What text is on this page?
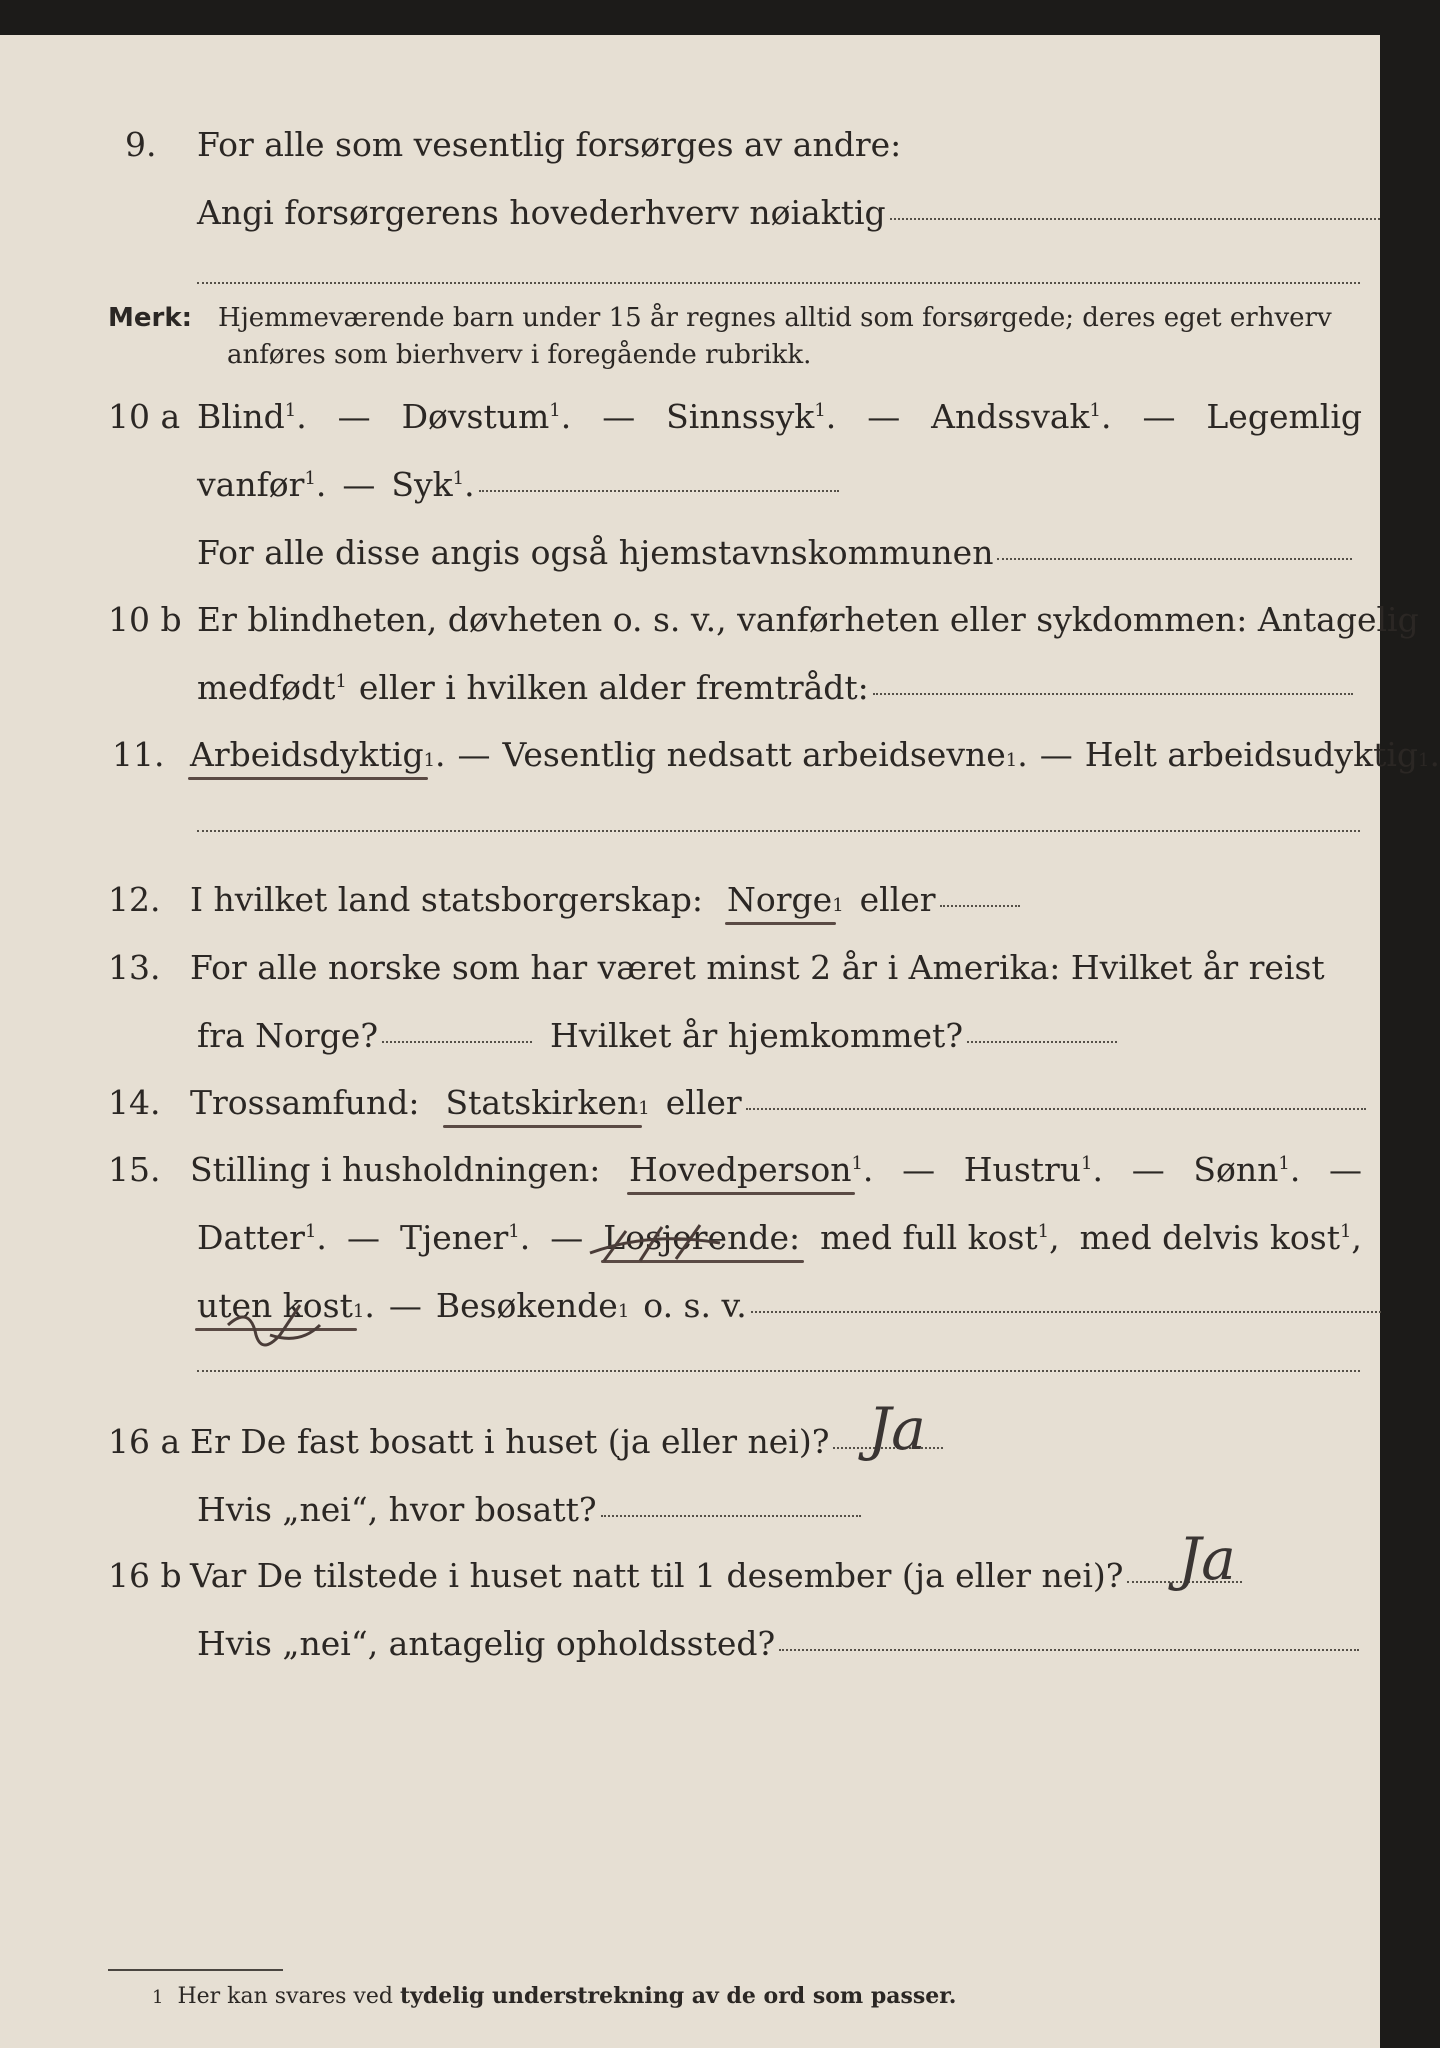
9. For alle som vesentlig forsørges av andre:
Angi forsørgerens hovederhverv nøiaktig
Merk: Hjemmeværende barn under 15 år regnes alltid som forsørgede; deres eget erhverv
anføres som bierhverv i foregående rubrikk.
10 a Blind$^1$. — Døvstum$^1$. — Sinnssyk$^1$. — Andssvak$^1$. — Legemlig
vanfør$^1$. — Syk$^1$.
For alle disse angis også hjemstavnskommunen
10 b Er blindheten, døvheten o. s. v., vanførheten eller sykdommen: Antagelig
medfødt$^1$ eller i hvilken alder fremtrådt:
11. Arbeidsdyktig 1 . — Vesentlig nedsatt arbeidsevne 1 . — Helt arbeidsudyktig 1 .
12. I hvilket land statsborgerskap: Norge 1 eller
13. For alle norske som har været minst 2 år i Amerika: Hvilket år reist
fra Norge?	Hvilket år hjemkommet?
14. Trossamfund: Statskirken 1 eller
15. Stilling i husholdningen: Hovedperson$^1$. — Hustru$^1$. — Sønn$^1$. —
Datter$^1$. — Tjener$^1$. — Losjerende: med full kost$^1$, med delvis kost$^1$,
uten kost 1 . — Besøkende 1 o. s. v.
16 a Er De fast bosatt i huset (ja eller nei)? Ja
Hvis „nei“, hvor bosatt?
16 b Var De tilstede i huset natt til 1 desember (ja eller nei)? Ja
Hvis „nei“, antagelig opholdssted?
1 Her kan svares ved tydelig understrekning av de ord som passer.
